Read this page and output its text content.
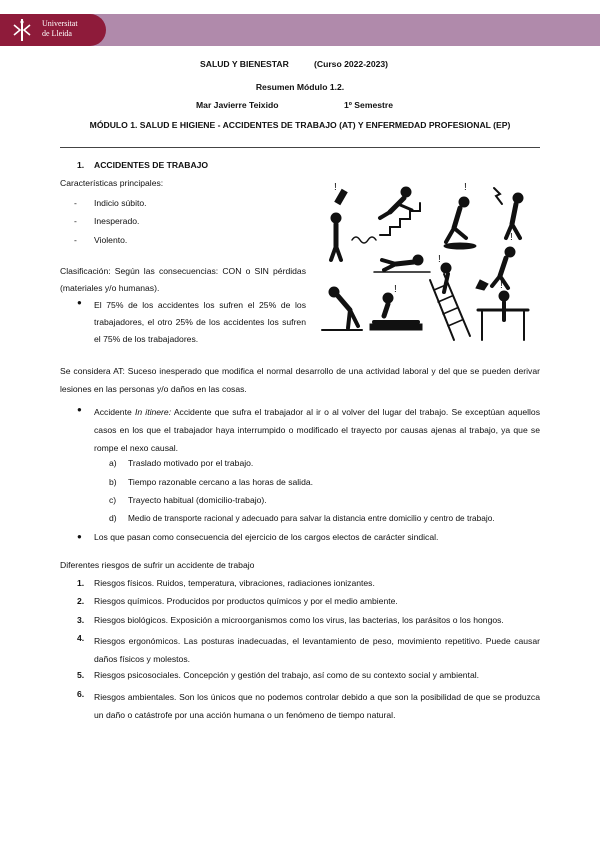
Universitat
de Lleida
SALUD Y BIENESTAR	(Curso 2022-2023)
Resumen Módulo 1.2.
Mar Javierre Teixido	1º Semestre
MÓDULO 1. SALUD E HIGIENE - ACCIDENTES DE TRABAJO (AT) Y ENFERMEDAD PROFESIONAL (EP)
1. ACCIDENTES DE TRABAJO
Características principales:
- Indicio súbito.
- Inesperado.
- Violento.
Clasificación: Según las consecuencias: CON o SIN pérdidas (materiales y/o humanas).
● El 75% de los accidentes los sufren el 25% de los trabajadores, el otro 25% de los accidentes los sufren el 75% de los trabajadores.
!	!
!
!
!
!
Se considera AT: Suceso inesperado que modifica el normal desarrollo de una actividad laboral y del que se pueden derivar lesiones en las personas y/o daños en las cosas.
● Accidente In itinere: Accidente que sufra el trabajador al ir o al volver del lugar del trabajo. Se exceptúan aquellos casos en los que el trabajador haya interrumpido o modificado el trayecto por causas ajenas al trabajo, ya que se rompe el nexo causal.
a) Traslado motivado por el trabajo.
b) Tiempo razonable cercano a las horas de salida.
c) Trayecto habitual (domicilio-trabajo).
d) Medio de transporte racional y adecuado para salvar la distancia entre domicilio y centro de trabajo.
● Los que pasan como consecuencia del ejercicio de los cargos electos de carácter sindical.
Diferentes riesgos de sufrir un accidente de trabajo
1. Riesgos físicos. Ruidos, temperatura, vibraciones, radiaciones ionizantes.
2. Riesgos químicos. Producidos por productos químicos y por el medio ambiente.
3. Riesgos biológicos. Exposición a microorganismos como los virus, las bacterias, los parásitos o los hongos.
4. Riesgos ergonómicos. Las posturas inadecuadas, el levantamiento de peso, movimiento repetitivo. Puede causar daños físicos y molestos.
5. Riesgos psicosociales. Concepción y gestión del trabajo, así como de su contexto social y ambiental.
6. Riesgos ambientales. Son los únicos que no podemos controlar debido a que son la posibilidad de que se produzca un daño o catástrofe por una acción humana o un fenómeno de tiempo natural.
